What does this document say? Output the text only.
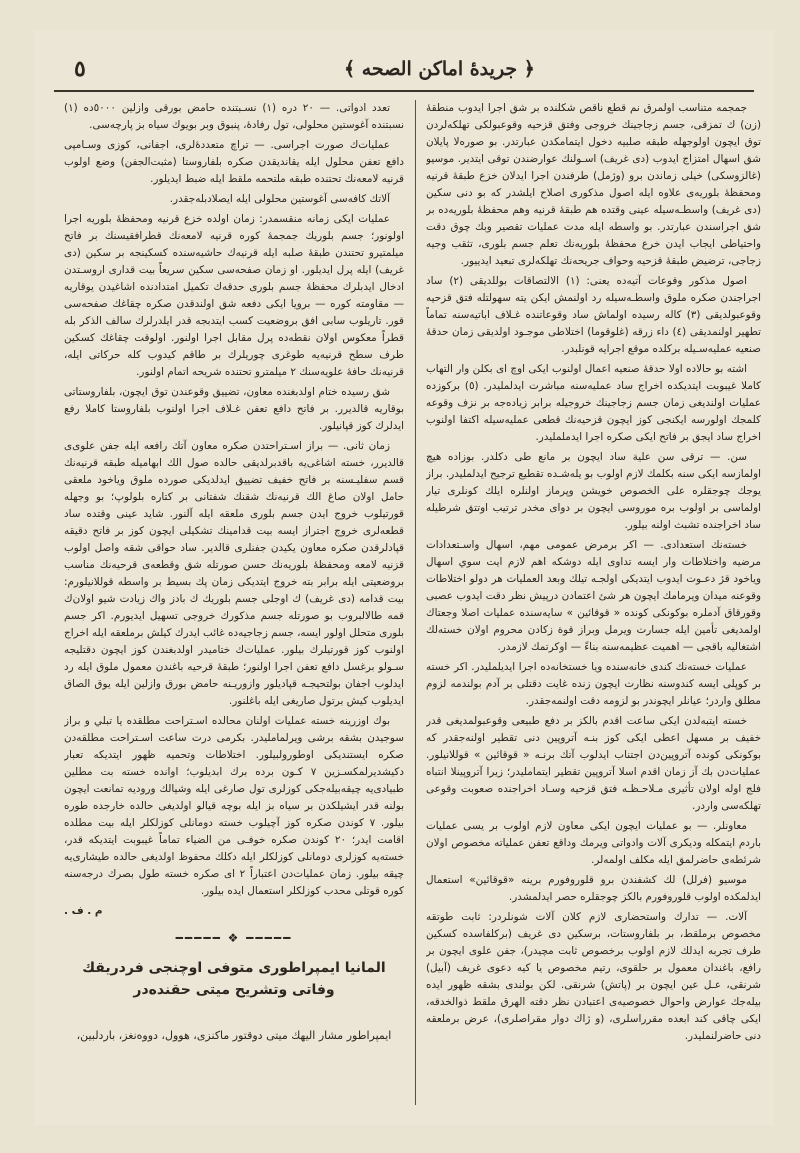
٥	﴿ جريدهٔ اماكن الصحه ﴾

جمجمه متناسب اولمرق نم قطع ناقص شكلنده بر شق اجرا ايدوب منطقهٔ (زن) ك تمزقى، جسم زجاجينك خروجى وفتق قزحيه وقوعبولكى تهلكه‌لردن توق ايچون اولوجهله طبقه صلبيه دخول ايتمامكدن عبارتدر. بو صوره‌لا پايلان شق اسهال امتزاج ايدوب (دى غريف) اسـولنك عوارضندن توقى ايتدير. موسيو (غالزوسكى) خيلى زماندن برو (وژمل) طرفندن اجرا ايدلان خزع طبقهٔ قرنيه ومحفظهٔ بلوريه‌ى علاوه ايله اصول مذكورى اصلاح ايلشدر كه بو دنى سكين (دى غريف) واسطـه‌سيله عينى وقتده هم طبقهٔ قرنيه وهم محفظهٔ بلوريه‌ده بر شق اجراسندن عبارتدر. بو واسطه ايله مدت عمليات تقصير وبك چوق دقت واحتياطى ايجاب ايدن خرع محفظهٔ بلوريه‌نك تعلم جسم بلورى، تثقب وجيه زجاجى، ترضيض طبقهٔ قزحيه وحواف جريحه‌نك تهلكه‌لرى تبعيد ايدييور.

اصول مذكور وقوعات آتيه‌ده يعنى: (١) الالتصاقات بوللديقى (٢) ساد اجراجندن صكره ملوق واسطـه‌سيله رد اولنمش ايكن يته سهولتله فتق قزحيه وقوعبولديقى (٣) كاله رسيده اولماش ساد وقوعاتنده غـلاف اباتيه‌سنه تماماً تطهير اولنمديقى (٤) داء زرقه (غلوقوما) اختلاطى موجـود اولديقى زمان حدقهٔ صنعيه عمليه‌سـيله بركلده موقع اجرايه قونلبدر.

اشته بو حالاده اولا حدقهٔ صنعيه اعمال اولنوب ايكى اوچ اى بكلن وار التهاب كاملا غيبوبت ايتديكده اخراج ساد عمليه‌سنه مباشرت ايدلمليدر. (٥) بركوزده عمليات اولنديغى زمان جسم زجاجينك خروجيله برابر زياده‌جه بر نزف وقوعه كلمجك اولورسه ايكنجى كوز ايچون قزحيه‌نك قطعى عمليه‌سيله اكتفا اولنوب اخراج ساد ايجق بر فاتح ايكى صكره اجرا ايدململيدر.

سن. — ترقى سن علية ساد ايچون بر مانع طى دكلدر. بوزاده هيچ اولمازسه ايكى سنه بكلمك لازم اولوب بو يله‌شـده تقطيع ترجيح ايدلمليدر. براز يوجك چوجقلره على الخصوص خويشن وپرماز اولنلره ايلك كونلرى تيار اولماسى بر اولوب بره موروسى ايچون بر دواى مخدر ترتيب اوتتق شرطيله ساد اخراجنده تشبث اولنه بيلور.

خسته‌نك استعدادى. — اكر برمرض عمومى مهم، اسهال واسـتعدادات مرضيه واختلاطات وار ايسه تداوى ايله دوشكه اهم لازم ايت سوي اسهال وياخود قرٔ دعـوت ايدوب ايتديكى اولجـه تيلك وبعد العمليات هر دولو اختلاطات وقوعنه ميدان ويرمامك ايچون هر شئ اعتمادن درپيش نظر دقت ايدوب عصبى وقورقاق آدملره بوكونكى كونده « قوقائين » سايه‌سنده عمليات اصلا وجعتاك اولمديغى تأمين ايله جسارت ويرمل وبراز قوة زكادن محروم اولان خسته‌لك اشتغاليه باقجى — اهميت عظيمه‌سنه بناءً — اوكرتمك لازمدر.

عمليات خسته‌نك كندى خانه‌سنده ويا خستخانه‌ده اجرا ايديلمليدر. اكر خسته بر كوپلى ايسه كندوسنه نظارت ايچون زنده غايت دقتلى بر آدم بولندمه لزوم مطلق واردر؛ عيانلر ايچوندر بو لزومه دقت اولنمه‌جقدر.

خسته ايتبه‌لدن ايكى ساعت اقدم بالكز بر دفع طبيعى وقوعبولمديغى قدر خفيف بر مسهل اعطى ايكى كوز بنـه آتروپين دنى تقطير اولنه‌جقدر كه بوكونكى كونده آتروپين‌دن اجتناب ايدلوب آتك برنـه « قوقائين » قوللانيلور. عمليات‌دن بك آز زمان اقدم اسلا آتروپين تقطير ايتمامليدر؛ زيرا آتروپينلا انتباه فلج اوله اولان تأثيرى مـلاحـظـه فتق قزحيه وسـاد اخراجنده صعوبت وقوعى تهلكه‌سى واردر.

معاونلر. — بو عمليات ايچون ايكى معاون لازم اولوب بر يسى عمليات باردم ايتمكله وديكرى آلات وادواتى ويرمك وداقع تعفن عملياته مخصوص اولان شرئطه‌ى حاضرلمق ايله مكلف اولمه‌لر.

موسيو (فرلل) لك كشفندن برو قلوروفورم برينه «قوقائين» استعمال ايدلمكده اولوب قلوروفورم بالكز چوجقلره حصر ايدلمشدر.

آلات. — تدارك واستحضارى لازم كلان آلات شونلردر: ثابت طوتقه مخصوص برملقط، بر بلفاروستات، برسكين دى غريف (بركلفاسده كسكين طرف تجربه ايدلك لازم اولوب برخصوص ثابت مچيدر)، جفن علوى ايچون بر رافع، باغندان معمول بر حلقوى، رتيم مخصوص يا كيه دعوى غريف (آبيل) شرنقى، عـل عين ايچون بر (پاتش) شرنقى. لكن بولندى بشقه ظهور ايده بيله‌جك عوارض واحوال خصوصيه‌ى اعتبادن نظر دقته الهرق ملقط ذوالخدقه، ايكى چاقى كند ابعده مقرراسلرى، (و ژاك دوار مقراصلرى)، عرض برملعقه دنى حاضرلنمليدر.

تعدد ادواتى. — ٢٠ دره (١) نسـبتنده حامض بورقى وازلين ٥٠٠٠ده (١) نسبتنده آغوستين محلولى، تول رفادهٔ، پنبوق وبر بويوك سياه بز پارچه‌سى.

عمليات‌ك صورت اجراسى. — تراچ متعددهٔ‌لرى، اجفانى، كوزى وسـا‌مپى دافع تعفن محلول ايله يقانديقدن صكره بلفاروستا (مثبت‌الجفن) وضع اولوب قرنيه لامعه‌نك تحتنده طبقه ملتحمه ملقط ايله ضبط ايديلور.

آلاتك كافه‌سى آغوستين محلولى ايله ايصلادبله‌جقدر.

عمليات ايكى زمانه منقسمدر: زمان اولده خزع قرنيه ومحفظهٔ بلوريه اجرا اولونور؛ جسم بلوريك جمجمهٔ كوره قرنيه لامعه‌نك قطرافقيسنك بر فاتح ميلمتيرو تحتندن طبقهٔ صلبه ايله قرنيه‌ك حاشيه‌سنده كسكينجه بر سكين (دى غريف) ايله پرل ايديلور. او زمان صفحه‌سى سكين سريعاً بيت قدارى ارو‌سـتدن ادخال ايدبلرك محفظهٔ جسم بلورى حدقه‌ك تكميل امتدادنده اشاغيدن يوقاريه — مقاومته كوره — برويا ايكى دفعه شق اولندقدن صكره چقاغك صفحه‌سى قور. تاريلوب سابى افق بروضعيت كسب ايتدبجه قدر ايلدرلرك سالف الذكر بله قطراً معكوس اولان نقطه‌ده پرل مقابل اجرا اولنور. اولوقت چقاغك كسكين طرف سطح قرنيه‌يه طوغرى چوريلرك بر طاقم كيدوب كله حركاتى ايله، قرنيه‌نك حافه‌ٔ علويه‌سنك ٢ ميلمترو تحتنده شريحه اتمام اولنور.

شق رسيده ختام اولدبغنده معاون، تضييق وقوعندن توق ايچون، بلفاروستاتى بوقاريه قالديرر. بر فاتح دافع تعفن غـلاف اجرا اولنوب بلفاروستا كاملا رفع ايدلرك كوز قپانيلور.

زمان ثانى. — براز اسـتراحتدن صكره معاون آتك رافعه ايله جفن علوى‌ى قالديرر، خسته اشاغى‌يه باقدبرلديقى حالده صول الك ابهاميله طبقه قرنيه‌نك قسم سفليـسنه بر فاتح خفيف تضييق ايدلديكى صورده ملوق وياخود ملعقى حامل اولان صاغ الك قرنيه‌نك شقنك شفتانى بر كتاره بلولوپ؛ بو وجهله قورتيلوب خروج ايدن جسم بلورى ملعقه ايله آلنور. شايد عينى وقتده ساد قطعه‌لرى خروج اجتراز ايسه بيت قدامينك تشكيلى ايچون كوز بر فاتح دقيقه قپادلرقدن صكره معاون يكيدن جفنلرى قالدير. ساد حواقى شقه واصل اولوب قزنيه لامعه ومحفظهٔ بلوريه‌نك حسن صورتله شق وقطعه‌ى قرحيه‌نك مناسب بروضعيتى ايله برابر بته خروج ايتديكى زمان پك بسيط بر واسطه قوللانيلورم: بيت قدامه (دى غريف) ك اوجلى جسم بلوريك ك بادز واك زيادت شيو اولان‌ك قمه طالالبروب بو صورتله جسم مذكورك خروجى تسهيل ايديورم. اكر جسم بلورى متحلل اولور ايسه، جسم زجاجيه‌ده غائب ايدرك كيلش برملعقه ايله اخراج اولنوب كوز قورتيلرك بيلور. عمليات‌ك ختاميدر اولدبغندن كوز ايچون دقتليجه سـولو برغسل دافع تعفن اجرا اولنور؛ طبقهٔ قرحيه باغندن معمول ملوق ايله رد ايدلوب اجفان بولتحيجـه قپاديلور وازوريـنه حامض بورق وازلين ايله يوق الصاق ايديلوب كيش برتول صاريغى ايله باغلنور.

بوك اوزرينه خسته عمليات اولنان محالده اسـتراحت مطلقده يا تبلي و براز سوجيدن بشقه برشى ويرلمامليدر. بكرمى درت ساعت اسـتراحت مطلقه‌دن صكره ايستنديكى اوطورولبيلور. اختلاطات وتحميه ظهور ايتديكه تعبار دكيشديرلمكسـزين ٧ كـون برده برك ابديلوب؛ اوانده خسته بت مطلين طبيادى‌يه چيقه‌بيله‌جكى كوزلرى تول صارغى ايله وشيالك وروديه تمانعت ايچون بولنه قدر ايشيلكدن بر سياه بز ايله بوچه قيالو اولديغى حالده خارجده طوره بيلور. ٧ كوندن صكره كوز آچيلوب خسته دومانلى كوزلكلر ايله بيت مطلده اقامت ايدر؛ ٢٠ كوندن صكره خوفـى من الضياء تماماً غيبوبت ايتديكه قدر، خسته‌يه كوزلرى دومانلى كوزلكلر ايله دكلك محفوظ اولديغى حالده طيشارى‌يه چيقه‌ بيلور. زمان عمليات‌دن اعتباراً ٢ اى صكره خسته طول بصرك درجه‌سنه كوره قوتلى محدب كوزلكلر استعمال ايده بيلور.

م . ف .
━━━━━ ❖ ━━━━━
المانيا ايمپراطورى متوفى اوچنجى فردريقك وفاتى وتشريح ميتى حقنده‌در
ايمپراطور مشار اليهك ميتى دوقتور ماكنزى، هوول، دووه‌نغز، باردلبين،
